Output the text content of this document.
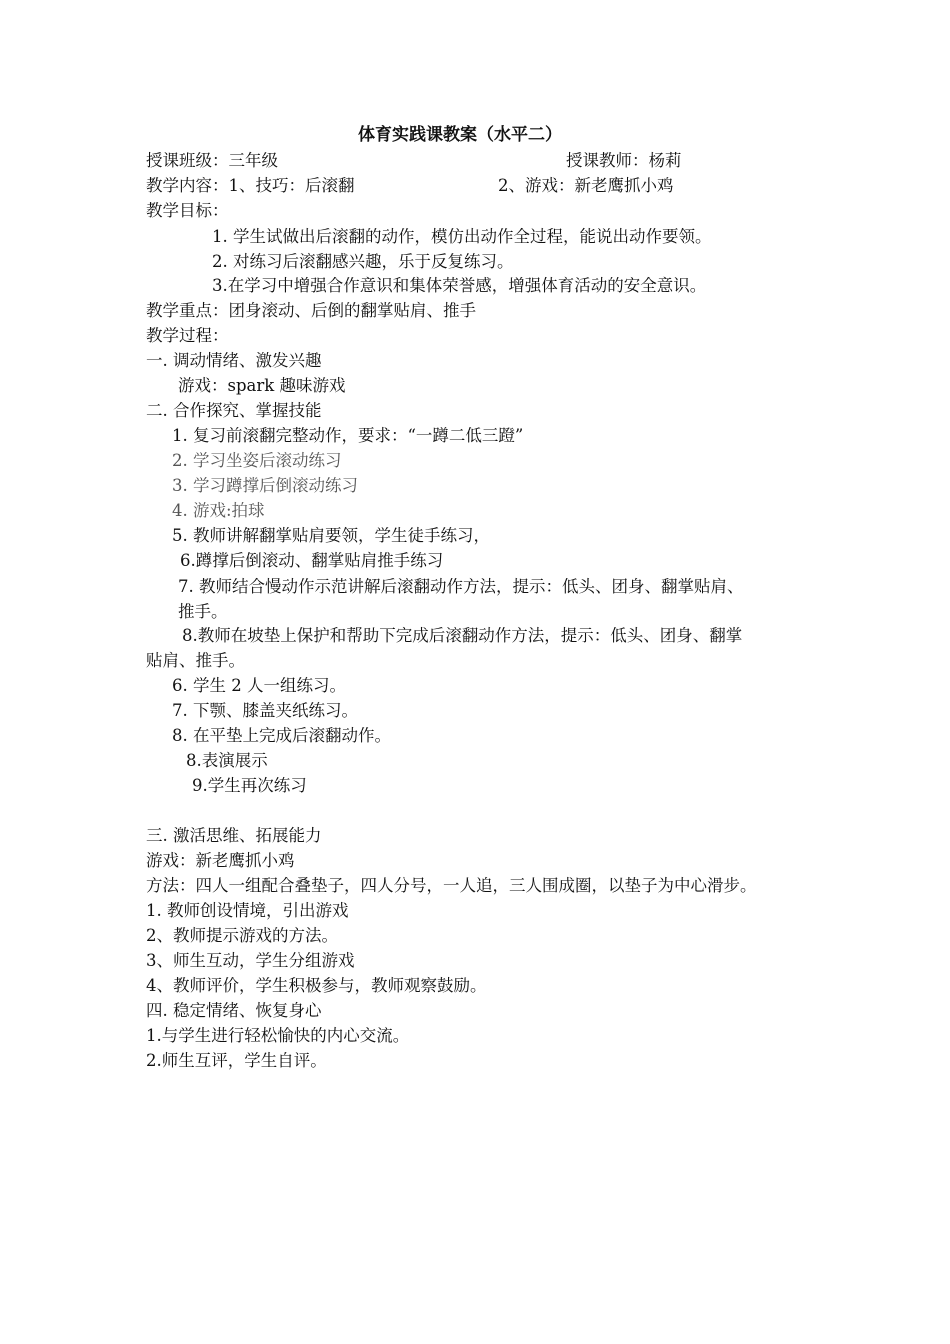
体育实践课教案（水平二）
授课班级：三年级	授课教师：杨莉
教学内容：1、技巧：后滚翻	2、游戏：新老鹰抓小鸡
教学目标：
1. 学生试做出后滚翻的动作，模仿出动作全过程，能说出动作要领。
2. 对练习后滚翻感兴趣，乐于反复练习。
3.在学习中增强合作意识和集体荣誉感，增强体育活动的安全意识。
教学重点：团身滚动、后倒的翻掌贴肩、推手
教学过程：
一. 调动情绪、激发兴趣
游戏：spark 趣味游戏
二. 合作探究、掌握技能
1. 复习前滚翻完整动作，要求：“一蹲二低三蹬”
2. 学习坐姿后滚动练习
3. 学习蹲撑后倒滚动练习
4. 游戏:拍球
5. 教师讲解翻掌贴肩要领，学生徒手练习，
6.蹲撑后倒滚动、翻掌贴肩推手练习
7. 教师结合慢动作示范讲解后滚翻动作方法，提示：低头、团身、翻掌贴肩、
推手。
8.教师在坡垫上保护和帮助下完成后滚翻动作方法，提示：低头、团身、翻掌
贴肩、推手。
6. 学生 2 人一组练习。
7. 下颚、膝盖夹纸练习。
8. 在平垫上完成后滚翻动作。
8.表演展示
9.学生再次练习
三. 激活思维、拓展能力
游戏：新老鹰抓小鸡
方法：四人一组配合叠垫子，四人分号，一人追，三人围成圈，以垫子为中心滑步。
1. 教师创设情境，引出游戏
2、教师提示游戏的方法。
3、师生互动，学生分组游戏
4、教师评价，学生积极参与，教师观察鼓励。
四. 稳定情绪、恢复身心
1.与学生进行轻松愉快的内心交流。
2.师生互评，学生自评。
